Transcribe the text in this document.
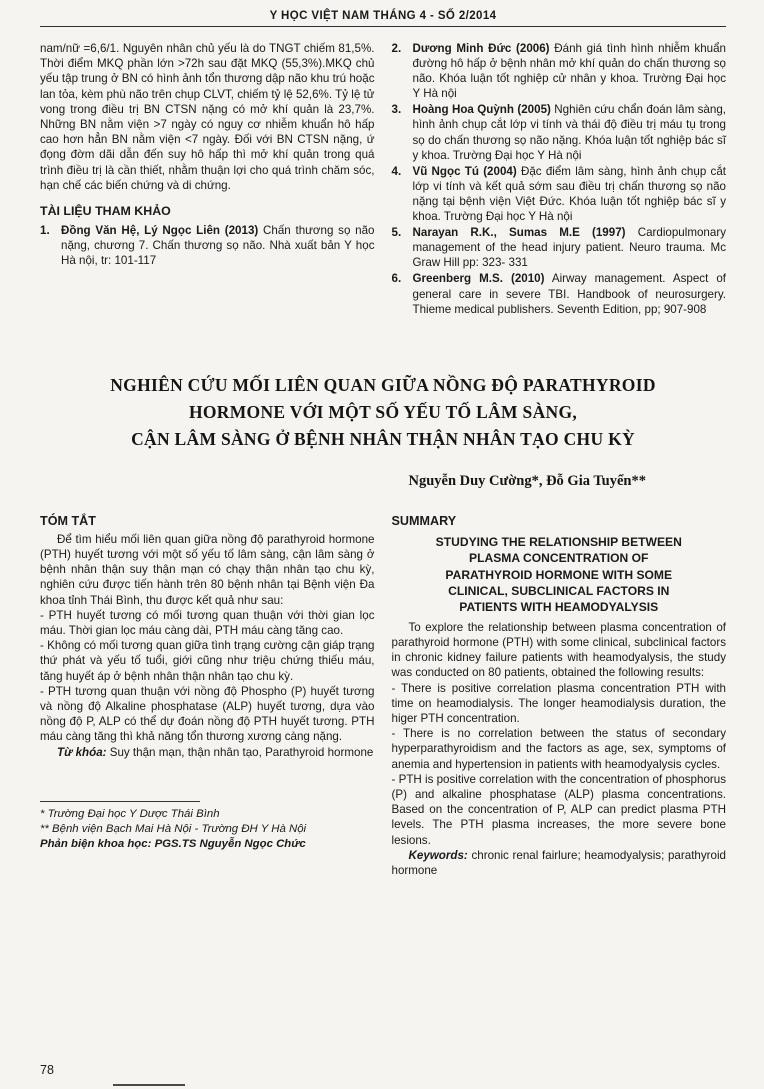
Y HỌC VIỆT NAM THÁNG 4 - SỐ 2/2014

nam/nữ =6,6/1. Nguyên nhân chủ yếu là do TNGT chiếm 81,5%. Thời điểm MKQ phần lớn >72h sau đặt MKQ (55,3%).MKQ chủ yếu tập trung ở BN có hình ảnh tổn thương dập não khu trú hoặc lan tỏa, kèm phù não trên chụp CLVT, chiếm tỷ lệ 52,6%. Tỷ lệ tử vong trong điều trị BN CTSN nặng có mở khí quản là 23,7%. Những BN nằm viện >7 ngày có nguy cơ nhiễm khuẩn hô hấp cao hơn hẳn BN nằm viện <7 ngày. Đối với BN CTSN nặng, ứ đọng đờm dãi dẫn đến suy hô hấp thì mở khí quản trong quá trình điều trị là cần thiết, nhằm thuận lợi cho quá trình chăm sóc, hạn chế các biến chứng và di chứng.

TÀI LIỆU THAM KHẢO
1. Đồng Văn Hệ, Lý Ngọc Liên (2013) Chấn thương sọ não nặng, chương 7. Chấn thương sọ não. Nhà xuất bản Y học Hà nội, tr: 101-117

2. Dương Minh Đức (2006) Đánh giá tình hình nhiễm khuẩn đường hô hấp ở bệnh nhân mở khí quản do chấn thương sọ não. Khóa luận tốt nghiệp cử nhân y khoa. Trường Đại học Y Hà nội

3. Hoàng Hoa Quỳnh (2005) Nghiên cứu chẩn đoán lâm sàng, hình ảnh chụp cắt lớp vi tính và thái độ điều trị máu tụ trong sọ do chấn thương sọ não nặng. Khóa luận tốt nghiệp bác sĩ y khoa. Trường Đại học Y Hà nội

4. Vũ Ngọc Tú (2004) Đặc điểm lâm sàng, hình ảnh chụp cắt lớp vi tính và kết quả sớm sau điều trị chấn thương sọ não nặng tại bệnh viện Việt Đức. Khóa luận tốt nghiệp bác sĩ y khoa. Trường Đại học Y Hà nội

5. Narayan R.K., Sumas M.E (1997) Cardiopulmonary management of the head injury patient. Neuro trauma. Mc Graw Hill pp: 323- 331

6. Greenberg M.S. (2010) Airway management. Aspect of general care in severe TBI. Handbook of neurosurgery. Thieme medical publishers. Seventh Edition, pp; 907-908

NGHIÊN CỨU MỐI LIÊN QUAN GIỮA NỒNG ĐỘ PARATHYROID
HORMONE VỚI MỘT SỐ YẾU TỐ LÂM SÀNG,
CẬN LÂM SÀNG Ở BỆNH NHÂN THẬN NHÂN TẠO CHU KỲ
Nguyễn Duy Cường*, Đỗ Gia Tuyển**
TÓM TẮT

Để tìm hiểu mối liên quan giữa nồng độ parathyroid hormone (PTH) huyết tương với một số yếu tố lâm sàng, cận lâm sàng ở bệnh nhân thận suy thận mạn có chạy thận nhân tạo chu kỳ, nghiên cứu được tiến hành trên 80 bệnh nhân tại Bệnh viện Đa khoa tỉnh Thái Bình, thu được kết quả như sau:

- PTH huyết tương có mối tương quan thuận với thời gian lọc máu. Thời gian lọc máu càng dài, PTH máu càng tăng cao.

- Không có mối tương quan giữa tình trạng cường cận giáp trạng thứ phát và yếu tố tuổi, giới cũng như triệu chứng thiếu máu, tăng huyết áp ở bệnh nhân thận nhân tạo chu kỳ.

- PTH tương quan thuận với nồng độ Phospho (P) huyết tương và nồng độ Alkaline phosphatase (ALP) huyết tương, dựa vào nồng độ P, ALP có thể dự đoán nồng độ PTH huyết tương. PTH máu càng tăng thì khả năng tổn thương xương càng nặng.

Từ khóa: Suy thận mạn, thận nhân tạo, Parathyroid hormone

* Trường Đại học Y Dược Thái Bình

** Bệnh viện Bạch Mai Hà Nội - Trường ĐH Y Hà Nội

Phản biện khoa học: PGS.TS Nguyễn Ngọc Chức

SUMMARY
STUDYING THE RELATIONSHIP BETWEEN
PLASMA CONCENTRATION OF
PARATHYROID HORMONE WITH SOME
CLINICAL, SUBCLINICAL FACTORS IN
PATIENTS WITH HEAMODYALYSIS

To explore the relationship between plasma concentration of parathyroid hormone (PTH) with some clinical, subclinical factors in chronic kidney failure patients with heamodyalysis, the study was conducted on 80 patients, obtained the following results:

- There is positive correlation plasma concentration PTH with time on heamodialysis. The longer heamodialysis duration, the higer PTH concentration.

- There is no correlation between the status of secondary hyperparathyroidism and the factors as age, sex, symptoms of anemia and hypertension in patients with heamodyalysis cycles.

- PTH is positive correlation with the concentration of phosphorus (P) and alkaline phosphatase (ALP) plasma concentrations. Based on the concentration of P, ALP can predict plasma PTH levels. The PTH plasma increases, the more severe bone lesions.

Keywords: chronic renal fairlure; heamodyalysis; parathyroid hormone

78
